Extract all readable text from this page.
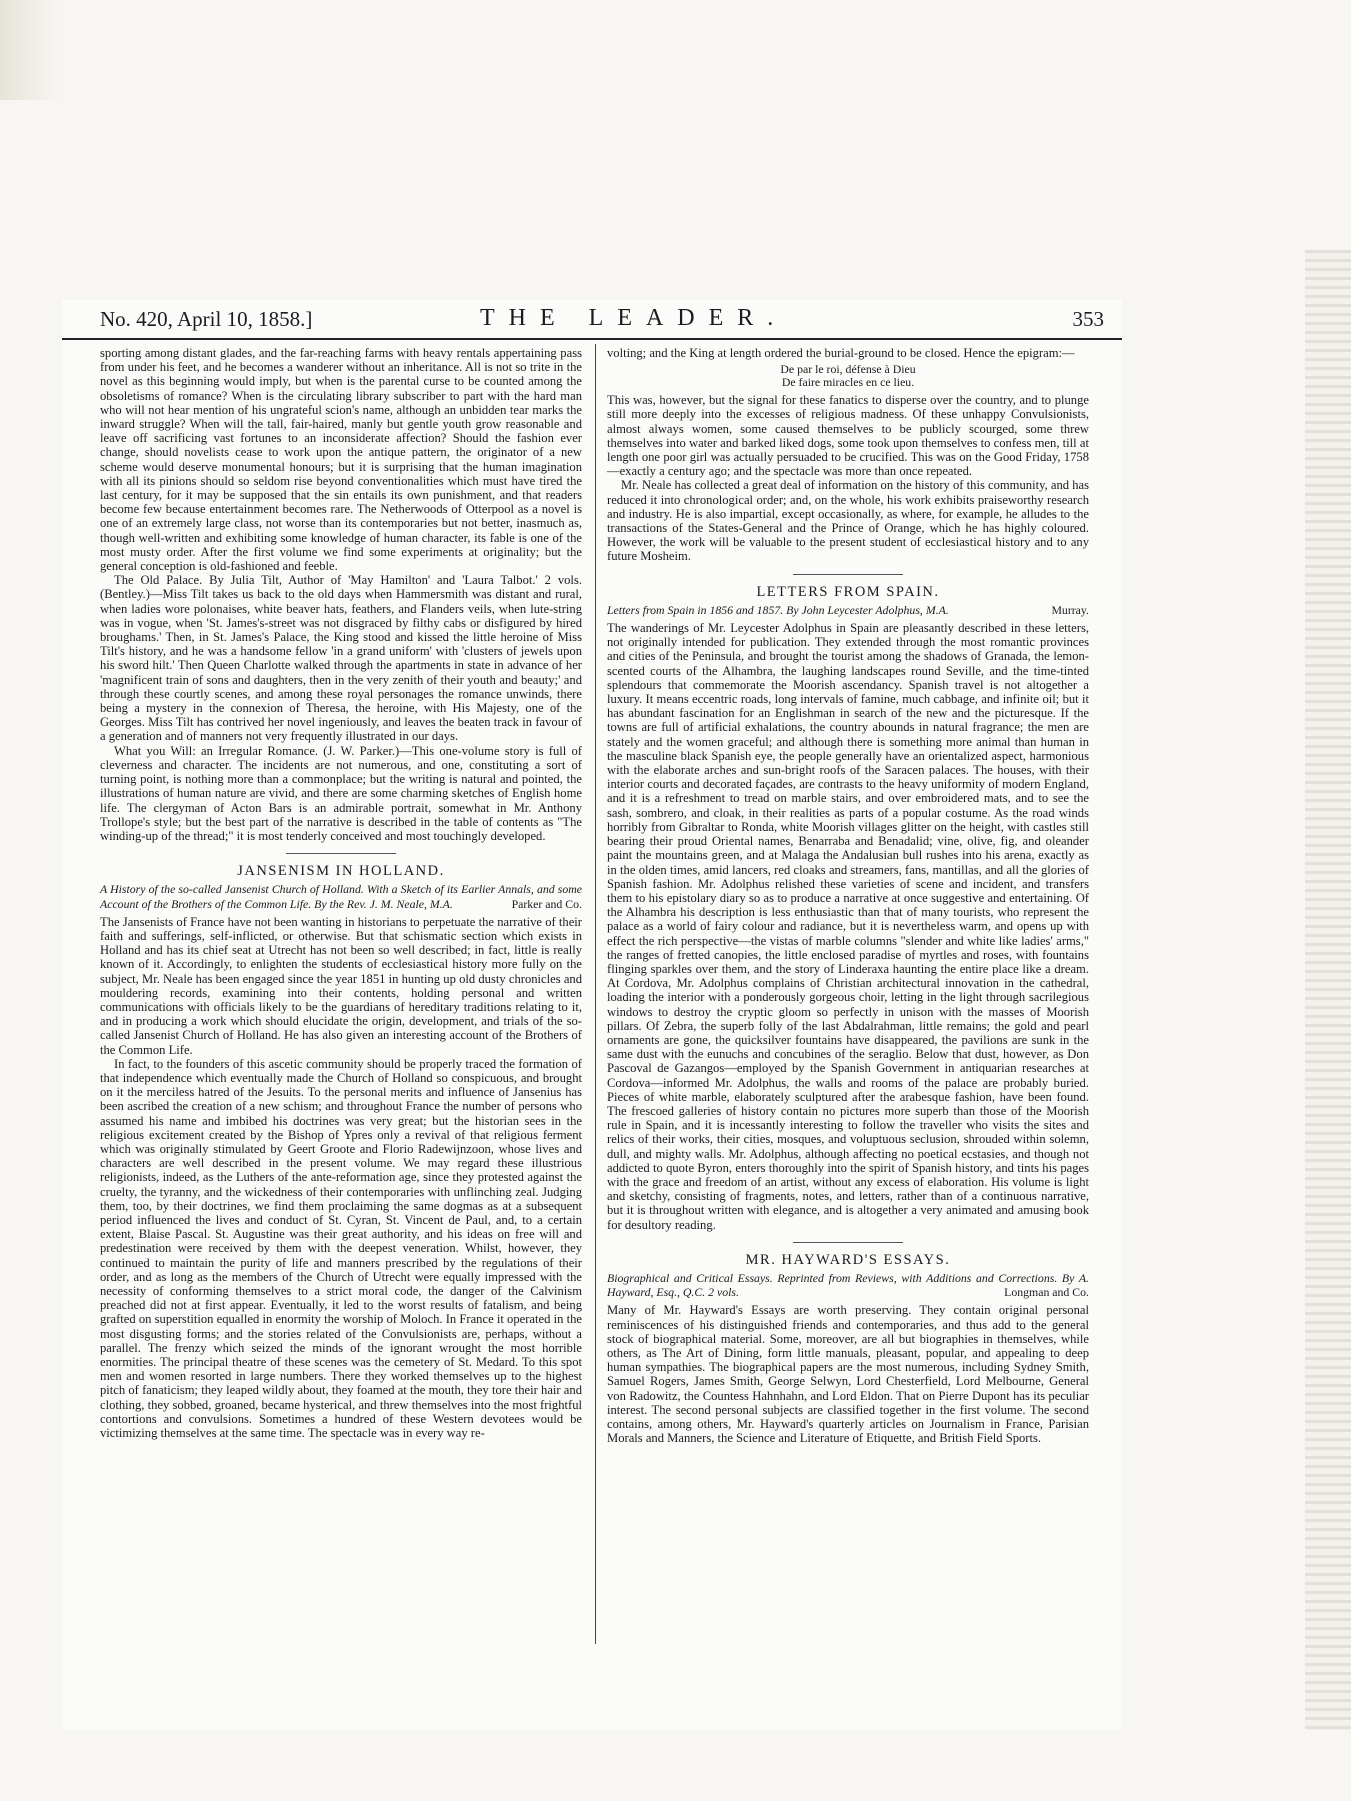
No. 420, April 10, 1858.]	THE LEADER.	353

sporting among distant glades, and the far-reaching farms with heavy rentals appertaining pass from under his feet, and he becomes a wanderer without an inheritance. All is not so trite in the novel as this beginning would imply, but when is the parental curse to be counted among the obsoletisms of romance? When is the circulating library subscriber to part with the hard man who will not hear mention of his ungrateful scion's name, although an unbidden tear marks the inward struggle? When will the tall, fair-haired, manly but gentle youth grow reasonable and leave off sacrificing vast fortunes to an inconsiderate affection? Should the fashion ever change, should novelists cease to work upon the antique pattern, the originator of a new scheme would deserve monumental honours; but it is surprising that the human imagination with all its pinions should so seldom rise beyond conventionalities which must have tired the last century, for it may be supposed that the sin entails its own punishment, and that readers become few because entertainment becomes rare. The Netherwoods of Otterpool as a novel is one of an extremely large class, not worse than its contemporaries but not better, inasmuch as, though well-written and exhibiting some knowledge of human character, its fable is one of the most musty order. After the first volume we find some experiments at originality; but the general conception is old-fashioned and feeble.

The Old Palace. By Julia Tilt, Author of 'May Hamilton' and 'Laura Talbot.' 2 vols. (Bentley.)—Miss Tilt takes us back to the old days when Hammersmith was distant and rural, when ladies wore polonaises, white beaver hats, feathers, and Flanders veils, when lute-string was in vogue, when 'St. James's-street was not disgraced by filthy cabs or disfigured by hired broughams.' Then, in St. James's Palace, the King stood and kissed the little heroine of Miss Tilt's history, and he was a handsome fellow 'in a grand uniform' with 'clusters of jewels upon his sword hilt.' Then Queen Charlotte walked through the apartments in state in advance of her 'magnificent train of sons and daughters, then in the very zenith of their youth and beauty;' and through these courtly scenes, and among these royal personages the romance unwinds, there being a mystery in the connexion of Theresa, the heroine, with His Majesty, one of the Georges. Miss Tilt has contrived her novel ingeniously, and leaves the beaten track in favour of a generation and of manners not very frequently illustrated in our days.

What you Will: an Irregular Romance. (J. W. Parker.)—This one-volume story is full of cleverness and character. The incidents are not numerous, and one, constituting a sort of turning point, is nothing more than a commonplace; but the writing is natural and pointed, the illustrations of human nature are vivid, and there are some charming sketches of English home life. The clergyman of Acton Bars is an admirable portrait, somewhat in Mr. Anthony Trollope's style; but the best part of the narrative is described in the table of contents as "The winding-up of the thread;" it is most tenderly conceived and most touchingly developed.

JANSENISM IN HOLLAND.

A History of the so-called Jansenist Church of Holland. With a Sketch of its Earlier Annals, and some Account of the Brothers of the Common Life. By the Rev. J. M. Neale, M.A.	Parker and Co.

The Jansenists of France have not been wanting in historians to perpetuate the narrative of their faith and sufferings, self-inflicted, or otherwise. But that schismatic section which exists in Holland and has its chief seat at Utrecht has not been so well described; in fact, little is really known of it. Accordingly, to enlighten the students of ecclesiastical history more fully on the subject, Mr. Neale has been engaged since the year 1851 in hunting up old dusty chronicles and mouldering records, examining into their contents, holding personal and written communications with officials likely to be the guardians of hereditary traditions relating to it, and in producing a work which should elucidate the origin, development, and trials of the so-called Jansenist Church of Holland. He has also given an interesting account of the Brothers of the Common Life.

In fact, to the founders of this ascetic community should be properly traced the formation of that independence which eventually made the Church of Holland so conspicuous, and brought on it the merciless hatred of the Jesuits. To the personal merits and influence of Jansenius has been ascribed the creation of a new schism; and throughout France the number of persons who assumed his name and imbibed his doctrines was very great; but the historian sees in the religious excitement created by the Bishop of Ypres only a revival of that religious ferment which was originally stimulated by Geert Groote and Florio Radewijnzoon, whose lives and characters are well described in the present volume. We may regard these illustrious religionists, indeed, as the Luthers of the ante-reformation age, since they protested against the cruelty, the tyranny, and the wickedness of their contemporaries with unflinching zeal. Judging them, too, by their doctrines, we find them proclaiming the same dogmas as at a subsequent period influenced the lives and conduct of St. Cyran, St. Vincent de Paul, and, to a certain extent, Blaise Pascal. St. Augustine was their great authority, and his ideas on free will and predestination were received by them with the deepest veneration. Whilst, however, they continued to maintain the purity of life and manners prescribed by the regulations of their order, and as long as the members of the Church of Utrecht were equally impressed with the necessity of conforming themselves to a strict moral code, the danger of the Calvinism preached did not at first appear. Eventually, it led to the worst results of fatalism, and being grafted on superstition equalled in enormity the worship of Moloch. In France it operated in the most disgusting forms; and the stories related of the Convulsionists are, perhaps, without a parallel. The frenzy which seized the minds of the ignorant wrought the most horrible enormities. The principal theatre of these scenes was the cemetery of St. Medard. To this spot men and women resorted in large numbers. There they worked themselves up to the highest pitch of fanaticism; they leaped wildly about, they foamed at the mouth, they tore their hair and clothing, they sobbed, groaned, became hysterical, and threw themselves into the most frightful contortions and convulsions. Sometimes a hundred of these Western devotees would be victimizing themselves at the same time. The spectacle was in every way re-

volting; and the King at length ordered the burial-ground to be closed. Hence the epigram:—

De par le roi, défense à Dieu
De faire miracles en ce lieu.

This was, however, but the signal for these fanatics to disperse over the country, and to plunge still more deeply into the excesses of religious madness. Of these unhappy Convulsionists, almost always women, some caused themselves to be publicly scourged, some threw themselves into water and barked liked dogs, some took upon themselves to confess men, till at length one poor girl was actually persuaded to be crucified. This was on the Good Friday, 1758—exactly a century ago; and the spectacle was more than once repeated.

Mr. Neale has collected a great deal of information on the history of this community, and has reduced it into chronological order; and, on the whole, his work exhibits praiseworthy research and industry. He is also impartial, except occasionally, as where, for example, he alludes to the transactions of the States-General and the Prince of Orange, which he has highly coloured. However, the work will be valuable to the present student of ecclesiastical history and to any future Mosheim.

LETTERS FROM SPAIN.

Letters from Spain in 1856 and 1857. By John Leycester Adolphus, M.A.	Murray.

The wanderings of Mr. Leycester Adolphus in Spain are pleasantly described in these letters, not originally intended for publication. They extended through the most romantic provinces and cities of the Peninsula, and brought the tourist among the shadows of Granada, the lemon-scented courts of the Alhambra, the laughing landscapes round Seville, and the time-tinted splendours that commemorate the Moorish ascendancy. Spanish travel is not altogether a luxury. It means eccentric roads, long intervals of famine, much cabbage, and infinite oil; but it has abundant fascination for an Englishman in search of the new and the picturesque. If the towns are full of artificial exhalations, the country abounds in natural fragrance; the men are stately and the women graceful; and although there is something more animal than human in the masculine black Spanish eye, the people generally have an orientalized aspect, harmonious with the elaborate arches and sun-bright roofs of the Saracen palaces. The houses, with their interior courts and decorated façades, are contrasts to the heavy uniformity of modern England, and it is a refreshment to tread on marble stairs, and over embroidered mats, and to see the sash, sombrero, and cloak, in their realities as parts of a popular costume. As the road winds horribly from Gibraltar to Ronda, white Moorish villages glitter on the height, with castles still bearing their proud Oriental names, Benarraba and Benadalid; vine, olive, fig, and oleander paint the mountains green, and at Malaga the Andalusian bull rushes into his arena, exactly as in the olden times, amid lancers, red cloaks and streamers, fans, mantillas, and all the glories of Spanish fashion. Mr. Adolphus relished these varieties of scene and incident, and transfers them to his epistolary diary so as to produce a narrative at once suggestive and entertaining. Of the Alhambra his description is less enthusiastic than that of many tourists, who represent the palace as a world of fairy colour and radiance, but it is nevertheless warm, and opens up with effect the rich perspective—the vistas of marble columns "slender and white like ladies' arms," the ranges of fretted canopies, the little enclosed paradise of myrtles and roses, with fountains flinging sparkles over them, and the story of Linderaxa haunting the entire place like a dream. At Cordova, Mr. Adolphus complains of Christian architectural innovation in the cathedral, loading the interior with a ponderously gorgeous choir, letting in the light through sacrilegious windows to destroy the cryptic gloom so perfectly in unison with the masses of Moorish pillars. Of Zebra, the superb folly of the last Abdalrahman, little remains; the gold and pearl ornaments are gone, the quicksilver fountains have disappeared, the pavilions are sunk in the same dust with the eunuchs and concubines of the seraglio. Below that dust, however, as Don Pascoval de Gazangos—employed by the Spanish Government in antiquarian researches at Cordova—informed Mr. Adolphus, the walls and rooms of the palace are probably buried. Pieces of white marble, elaborately sculptured after the arabesque fashion, have been found. The frescoed galleries of history contain no pictures more superb than those of the Moorish rule in Spain, and it is incessantly interesting to follow the traveller who visits the sites and relics of their works, their cities, mosques, and voluptuous seclusion, shrouded within solemn, dull, and mighty walls. Mr. Adolphus, although affecting no poetical ecstasies, and though not addicted to quote Byron, enters thoroughly into the spirit of Spanish history, and tints his pages with the grace and freedom of an artist, without any excess of elaboration. His volume is light and sketchy, consisting of fragments, notes, and letters, rather than of a continuous narrative, but it is throughout written with elegance, and is altogether a very animated and amusing book for desultory reading.

MR. HAYWARD'S ESSAYS.

Biographical and Critical Essays. Reprinted from Reviews, with Additions and Corrections. By A. Hayward, Esq., Q.C. 2 vols.	Longman and Co.

Many of Mr. Hayward's Essays are worth preserving. They contain original personal reminiscences of his distinguished friends and contemporaries, and thus add to the general stock of biographical material. Some, moreover, are all but biographies in themselves, while others, as The Art of Dining, form little manuals, pleasant, popular, and appealing to deep human sympathies. The biographical papers are the most numerous, including Sydney Smith, Samuel Rogers, James Smith, George Selwyn, Lord Chesterfield, Lord Melbourne, General von Radowitz, the Countess Hahnhahn, and Lord Eldon. That on Pierre Dupont has its peculiar interest. The second personal subjects are classified together in the first volume. The second contains, among others, Mr. Hayward's quarterly articles on Journalism in France, Parisian Morals and Manners, the Science and Literature of Etiquette, and British Field Sports.
